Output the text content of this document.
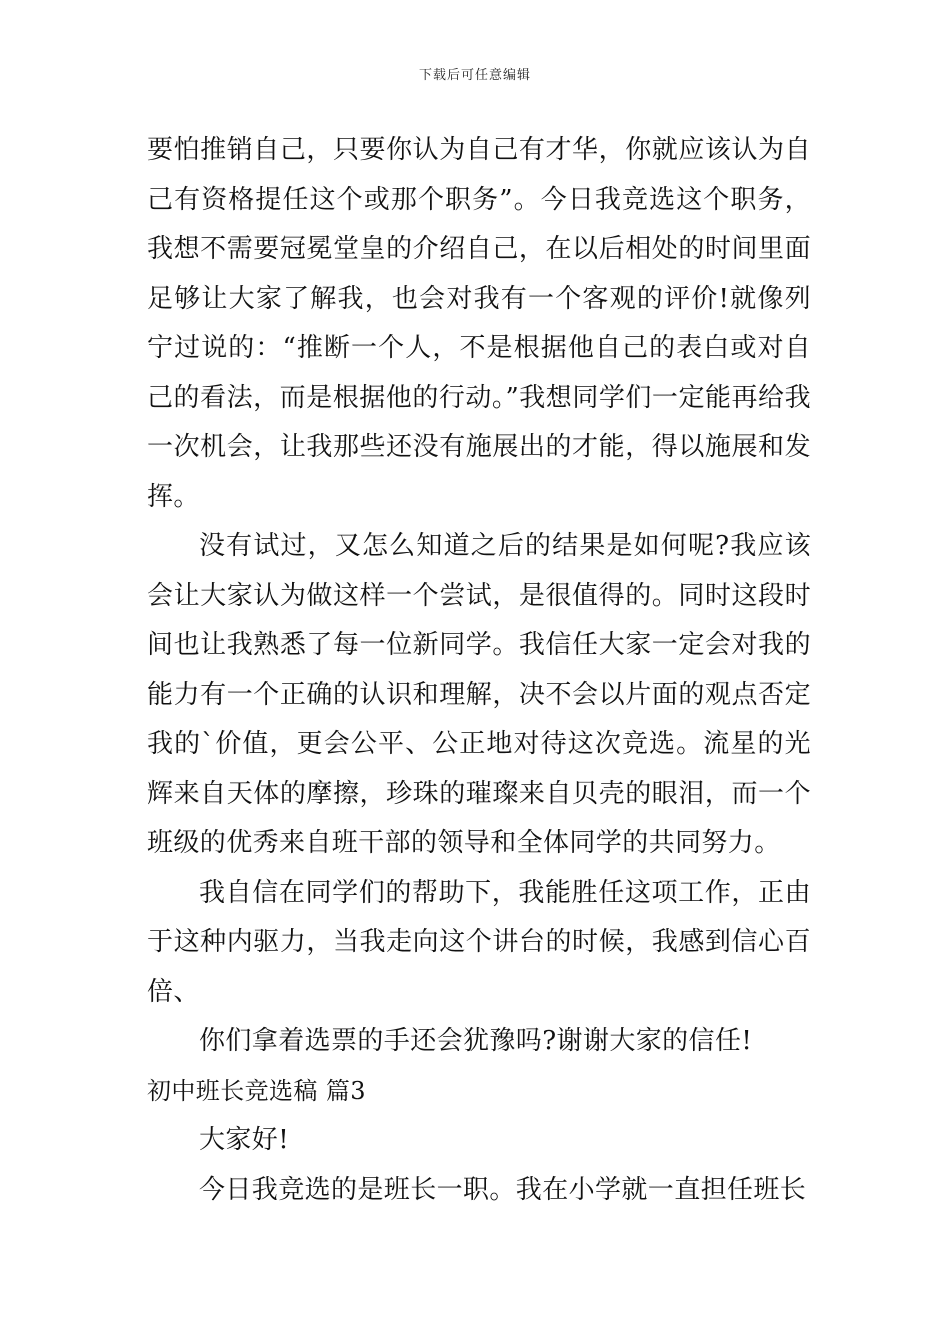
下载后可任意编辑

要怕推销自己，只要你认为自己有才华，你就应该认为自己有资格提任这个或那个职务”。今日我竞选这个职务，我想不需要冠冕堂皇的介绍自己，在以后相处的时间里面足够让大家了解我，也会对我有一个客观的评价!就像列宁过说的：“推断一个人，不是根据他自己的表白或对自己的看法，而是根据他的行动。”我想同学们一定能再给我一次机会，让我那些还没有施展出的才能，得以施展和发挥。

没有试过，又怎么知道之后的结果是如何呢?我应该会让大家认为做这样一个尝试，是很值得的。同时这段时间也让我熟悉了每一位新同学。我信任大家一定会对我的能力有一个正确的认识和理解，决不会以片面的观点否定我的`价值，更会公平、公正地对待这次竞选。流星的光辉来自天体的摩擦，珍珠的璀璨来自贝壳的眼泪，而一个班级的优秀来自班干部的领导和全体同学的共同努力。

我自信在同学们的帮助下，我能胜任这项工作，正由于这种内驱力，当我走向这个讲台的时候，我感到信心百倍、

你们拿着选票的手还会犹豫吗?谢谢大家的信任!

初中班长竞选稿 篇3

大家好!

今日我竞选的是班长一职。我在小学就一直担任班长
